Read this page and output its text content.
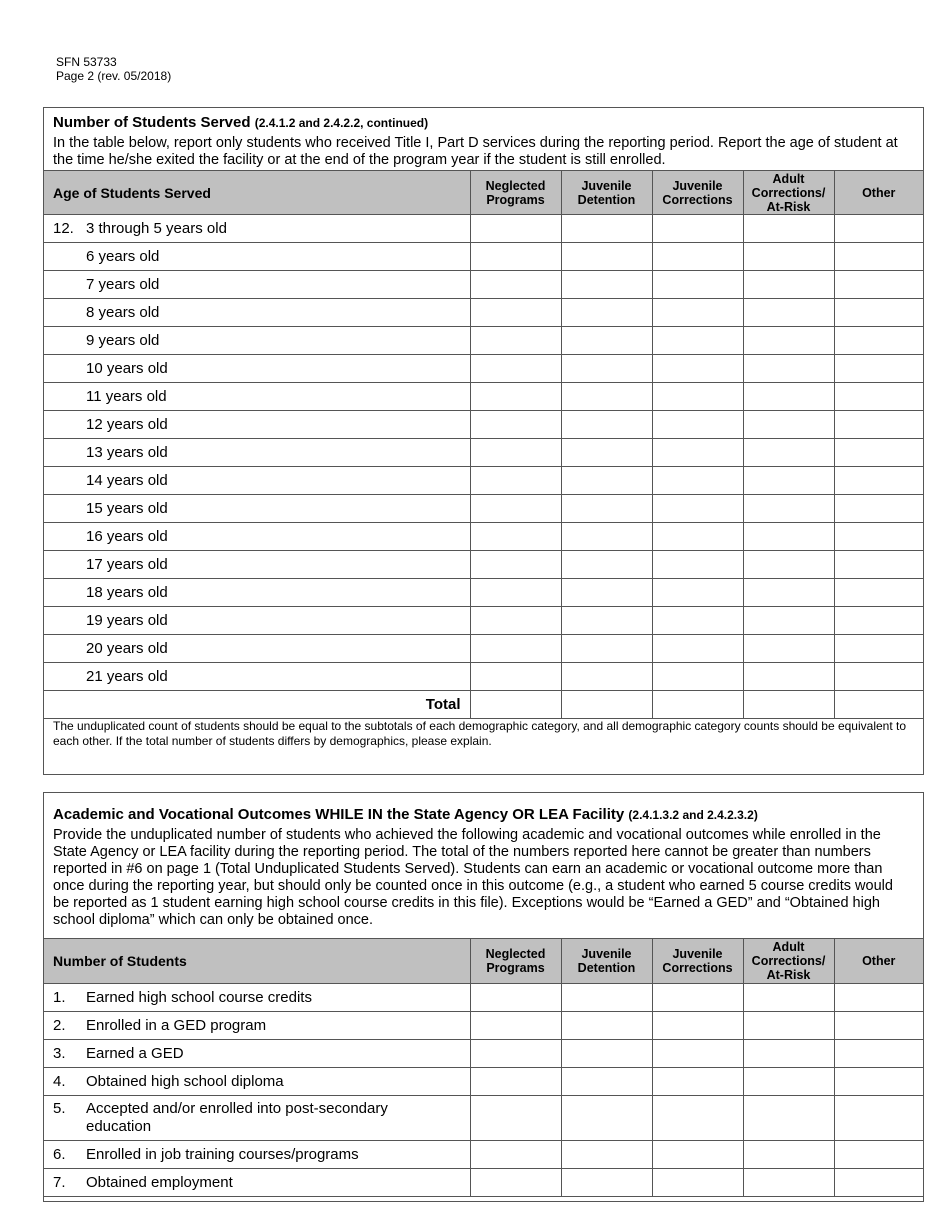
SFN 53733
Page 2 (rev. 05/2018)
Number of Students Served (2.4.1.2 and 2.4.2.2, continued)
In the table below, report only students who received Title I, Part D services during the reporting period. Report the age of student at the time he/she exited the facility or at the end of the program year if the student is still enrolled.
Age of Students Served	Neglected Programs	Juvenile Detention	Juvenile Corrections	Adult Corrections/ At-Risk	Other
12. 3 through 5 years old					
6 years old					
7 years old					
8 years old					
9 years old					
10 years old					
11 years old					
12 years old					
13 years old					
14 years old					
15 years old					
16 years old					
17 years old					
18 years old					
19 years old					
20 years old					
21 years old					
Total					
The unduplicated count of students should be equal to the subtotals of each demographic category, and all demographic category counts should be equivalent to each other. If the total number of students differs by demographics, please explain.
Academic and Vocational Outcomes WHILE IN the State Agency OR LEA Facility (2.4.1.3.2 and 2.4.2.3.2)
Provide the unduplicated number of students who achieved the following academic and vocational outcomes while enrolled in the State Agency or LEA facility during the reporting period. The total of the numbers reported here cannot be greater than numbers reported in #6 on page 1 (Total Unduplicated Students Served). Students can earn an academic or vocational outcome more than once during the reporting year, but should only be counted once in this outcome (e.g., a student who earned 5 course credits would be reported as 1 student earning high school course credits in this file). Exceptions would be “Earned a GED” and “Obtained high school diploma” which can only be obtained once.
Number of Students	Neglected Programs	Juvenile Detention	Juvenile Corrections	Adult Corrections/ At-Risk	Other

1. Earned high school course credits					

2. Enrolled in a GED program					

3. Earned a GED					

4. Obtained high school diploma					

5. Accepted and/or enrolled into post-secondary education					

6. Enrolled in job training courses/programs					

7. Obtained employment					
